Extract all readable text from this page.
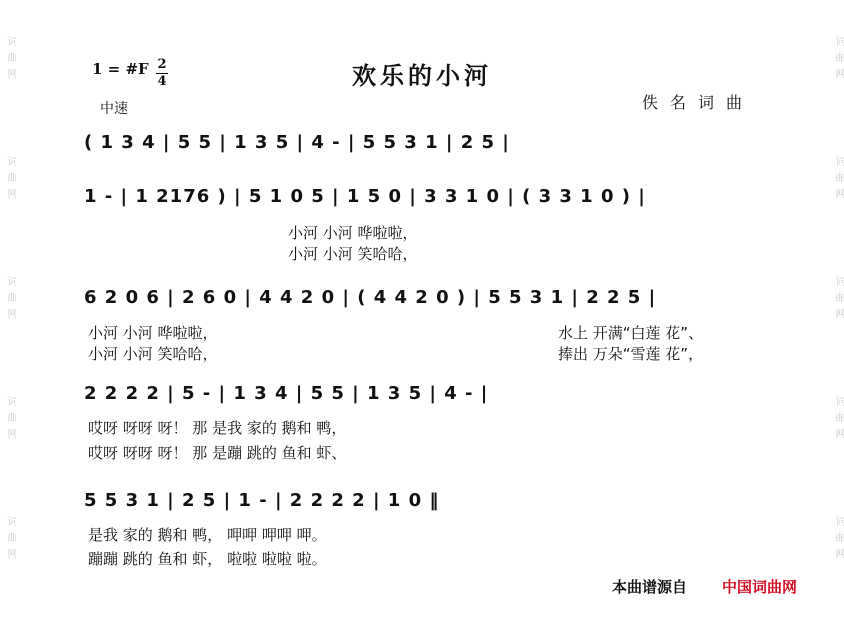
词曲网
词曲网
词曲网
词曲网
词曲网
词曲网
词曲网
词曲网
词曲网
词曲网
欢乐的小河
1 = #F 2
4
中速	佚名词曲
( 1 3 4 | 5 5 | 1 3 5 | 4 - | 5 5 3 1 | 2 5 |
1 - | 1 2176 ) | 5 1 0 5 | 1 5 0 | 3 3 1 0 | ( 3 3 1 0 ) |
小河 小河 哗啦啦，
小河 小河 笑哈哈，
6 2 0 6 | 2 6 0 | 4 4 2 0 | ( 4 4 2 0 ) | 5 5 3 1 | 2 2 5 |
小河 小河 哗啦啦，	水上 开满“白莲 花”、
小河 小河 笑哈哈，	捧出 万朵“雪莲 花”，
2 2 2 2 | 5 - | 1 3 4 | 5 5 | 1 3 5 | 4 - |
哎呀 呀呀 呀！ 那 是我 家的 鹅和 鸭，
哎呀 呀呀 呀！ 那 是蹦 跳的 鱼和 虾、
5 5 3 1 | 2 5 | 1 - | 2 2 2 2 | 1 0 ‖
是我 家的 鹅和 鸭， 呷呷 呷呷 呷。
蹦蹦 跳的 鱼和 虾， 啦啦 啦啦 啦。
本曲谱源自 中国词曲网
